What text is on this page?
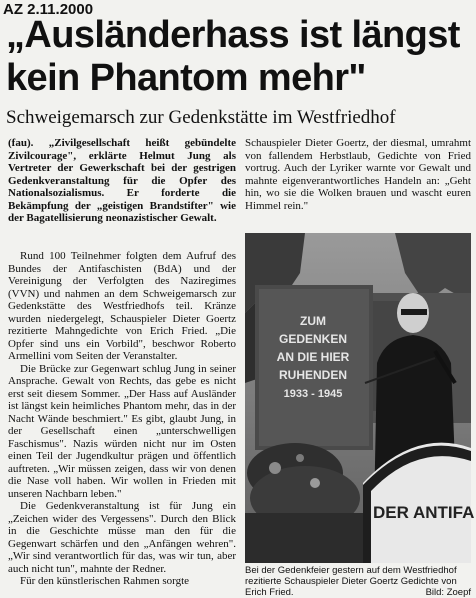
AZ 2.11.2000
„Ausländerhass ist längst kein Phantom mehr"
Schweigemarsch zur Gedenkstätte im Westfriedhof

(fau). „Zivilgesellschaft heißt gebündelte Zivilcourage", erklärte Helmut Jung als Vertreter der Gewerkschaft bei der gestrigen Gedenkveranstaltung für die Opfer des Nationalsozialismus. Er forderte die Bekämpfung der „geistigen Brandstifter" wie der Bagatellisierung neonazistischer Gewalt.

Rund 100 Teilnehmer folgten dem Aufruf des Bundes der Antifaschisten (BdA) und der Vereinigung der Verfolgten des Naziregimes (VVN) und nahmen an dem Schweigemarsch zur Gedenkstätte des Westfriedhofs teil. Kränze wurden niedergelegt, Schauspieler Dieter Goertz rezitierte Mahngedichte von Erich Fried. „Die Opfer sind uns ein Vorbild", beschwor Roberto Armellini vom Seiten der Veranstalter.

Die Brücke zur Gegenwart schlug Jung in seiner Ansprache. Gewalt von Rechts, das gebe es nicht erst seit diesem Sommer. „Der Hass auf Ausländer ist längst kein heimliches Phantom mehr, das in der Nacht Wände beschmiert." Es gibt, glaubt Jung, in der Gesellschaft einen „unterschwelligen Faschismus". Nazis würden nicht nur im Osten einen Teil der Jugendkultur prägen und öffentlich auftreten. „Wir müssen zeigen, dass wir von denen die Nase voll haben. Wir wollen in Frieden mit unseren Nachbarn leben."

Die Gedenkveranstaltung ist für Jung ein „Zeichen wider des Vergessens". Durch den Blick in die Geschichte müsse man den für die Gegenwart schärfen und den „Anfängen wehren". „Wir sind verantwortlich für das, was wir tun, aber auch nicht tun", mahnte der Redner.

Für den künstlerischen Rahmen sorgte

Schauspieler Dieter Goertz, der diesmal, umrahmt von fallendem Herbstlaub, Gedichte von Fried vortrug. Auch der Lyriker warnte vor Gewalt und mahnte eigenverantwortliches Handeln an: „Geht hin, wo sie die Wolken brauen und wascht euren Himmel rein."

ZUM
GEDENKEN
AN DIE HIER
RUHENDEN
1933 - 1945
DER ANTIFA
Bei der Gedenkfeier gestern auf dem Westfriedhof rezitierte Schauspieler Dieter Goertz Gedichte von Erich Fried.	Bild: Zoepf
